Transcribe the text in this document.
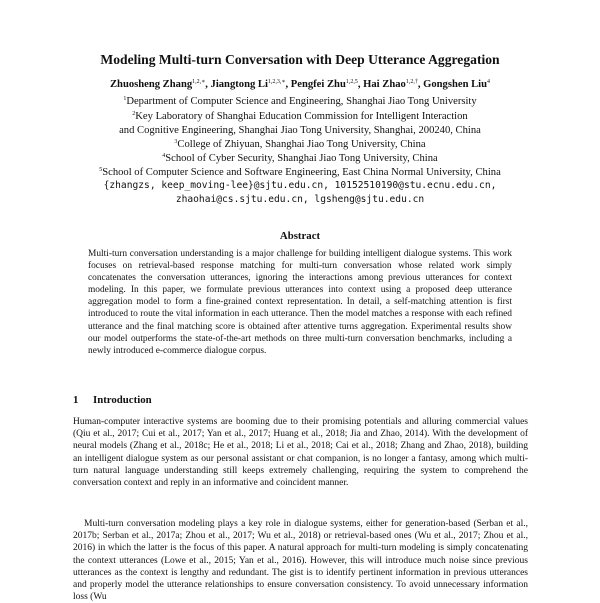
Modeling Multi-turn Conversation with Deep Utterance Aggregation
Zhuosheng Zhang$^{1,2,∗}$, Jiangtong $Li^{1,2,3,∗}$, Pengfei Zhu$^{1,2,5}$, Hai Zhao$^{1,2,\dagger}$, Gongshen Liu$^4$
$^1$Department of Computer Science and Engineering, Shanghai Jiao Tong University
$^2$Key Laboratory of Shanghai Education Commission for Intelligent Interaction
and Cognitive Engineering, Shanghai Jiao Tong University, Shanghai, 200240, China
$^3$College of Zhiyuan, Shanghai Jiao Tong University, China
$^4$School of Cyber Security, Shanghai Jiao Tong University, China
$^5$School of Computer Science and Software Engineering, East China Normal University, China
{zhangzs, keep_moving-lee}@sjtu.edu.cn, 10152510190@stu.ecnu.edu.cn,
zhaohai@cs.sjtu.edu.cn, lgsheng@sjtu.edu.cn
Abstract
Multi-turn conversation understanding is a major challenge for building intelligent dialogue systems. This work focuses on retrieval-based response matching for multi-turn conversation whose related work simply concatenates the conversation utterances, ignoring the interactions among previous utterances for context modeling. In this paper, we formulate previous utterances into context using a proposed deep utterance aggregation model to form a fine-grained context representation. In detail, a self-matching attention is first introduced to route the vital information in each utterance. Then the model matches a response with each refined utterance and the final matching score is obtained after attentive turns aggregation. Experimental results show our model outperforms the state-of-the-art methods on three multi-turn conversation benchmarks, including a newly introduced e-commerce dialogue corpus.
1 Introduction
Human-computer interactive systems are booming due to their promising potentials and alluring commercial values (Qiu et al., 2017; Cui et al., 2017; Yan et al., 2017; Huang et al., 2018; Jia and Zhao, 2014). With the development of neural models (Zhang et al., 2018c; He et al., 2018; Li et al., 2018; Cai et al., 2018; Zhang and Zhao, 2018), building an intelligent dialogue system as our personal assistant or chat companion, is no longer a fantasy, among which multi-turn natural language understanding still keeps extremely challenging, requiring the system to comprehend the conversation context and reply in an informative and coincident manner.
Multi-turn conversation modeling plays a key role in dialogue systems, either for generation-based (Serban et al., 2017b; Serban et al., 2017a; Zhou et al., 2017; Wu et al., 2018) or retrieval-based ones (Wu et al., 2017; Zhou et al., 2016) in which the latter is the focus of this paper. A natural approach for multi-turn modeling is simply concatenating the context utterances (Lowe et al., 2015; Yan et al., 2016). However, this will introduce much noise since previous utterances as the context is lengthy and redundant. The gist is to identify pertinent information in previous utterances and properly model the utterance relationships to ensure conversation consistency. To avoid unnecessary information loss (Wu
